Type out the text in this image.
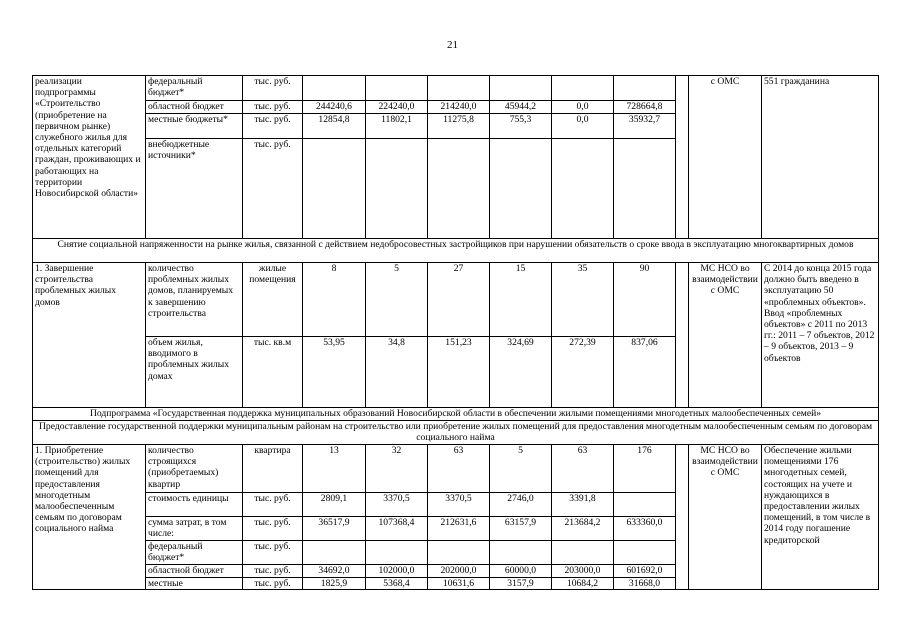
21
реализации подпрограммы «Строительство (приобретение на первичном рынке) служебного жилья для отдельных категорий граждан, проживающих и работающих на территории Новосибирской области»	федеральный бюджет*	тыс. руб.								с ОМС	551 гражданина
	областной бюджет	тыс. руб.	244240,6	224240,0	214240,0	45944,2	0,0	728664,8			
	местные бюджеты*	тыс. руб.	12854,8	11802,1	11275,8	755,3	0,0	35932,7			
	внебюджетные источники*	тыс. руб.									
Снятие социальной напряженности на рынке жилья, связанной с действием недобросовестных застройщиков при нарушении обязательств о сроке ввода в эксплуатацию многоквартирных домов											
1. Завершение строительства проблемных жилых домов	количество проблемных жилых домов, планируемых к завершению строительства	жилые помещения	8	5	27	15	35	90		МС НСО во взаимодействии с ОМС	С 2014 до конца 2015 года должно быть введено в эксплуатацию 50 «проблемных объектов». Ввод «проблемных объектов» с 2011 по 2013 гг.: 2011 – 7 объектов, 2012 – 9 объектов, 2013 – 9 объектов
	объем жилья, вводимого в проблемных жилых домах	тыс. кв.м	53,95	34,8	151,23	324,69	272,39	837,06			
Подпрограмма «Государственная поддержка муниципальных образований Новосибирской области в обеспечении жилыми помещениями многодетных малообеспеченных семей»											
Предоставление государственной поддержки муниципальным районам на строительство или приобретение жилых помещений для предоставления многодетным малообеспеченным семьям по договорам социального найма											
1. Приобретение (строительство) жилых помещений для предоставления многодетным малообеспеченным семьям по договорам социального найма	количество строящихся (приобретаемых) квартир	квартира	13	32	63	5	63	176		МС НСО во взаимодействии с ОМС	Обеспечение жильми помещениями 176 многодетных семей, состоящих на учете и нуждающихся в предоставлении жилых помещений, в том числе в 2014 году погашение кредиторской
	стоимость единицы	тыс. руб.	2809,1	3370,5	3370,5	2746,0	3391,8				
	сумма затрат, в том числе:	тыс. руб.	36517,9	107368,4	212631,6	63157,9	213684,2	633360,0			
	федеральный бюджет*	тыс. руб.									
	областной бюджет	тыс. руб.	34692,0	102000,0	202000,0	60000,0	203000,0	601692,0			
	местные	тыс. руб.	1825,9	5368,4	10631,6	3157,9	10684,2	31668,0			
